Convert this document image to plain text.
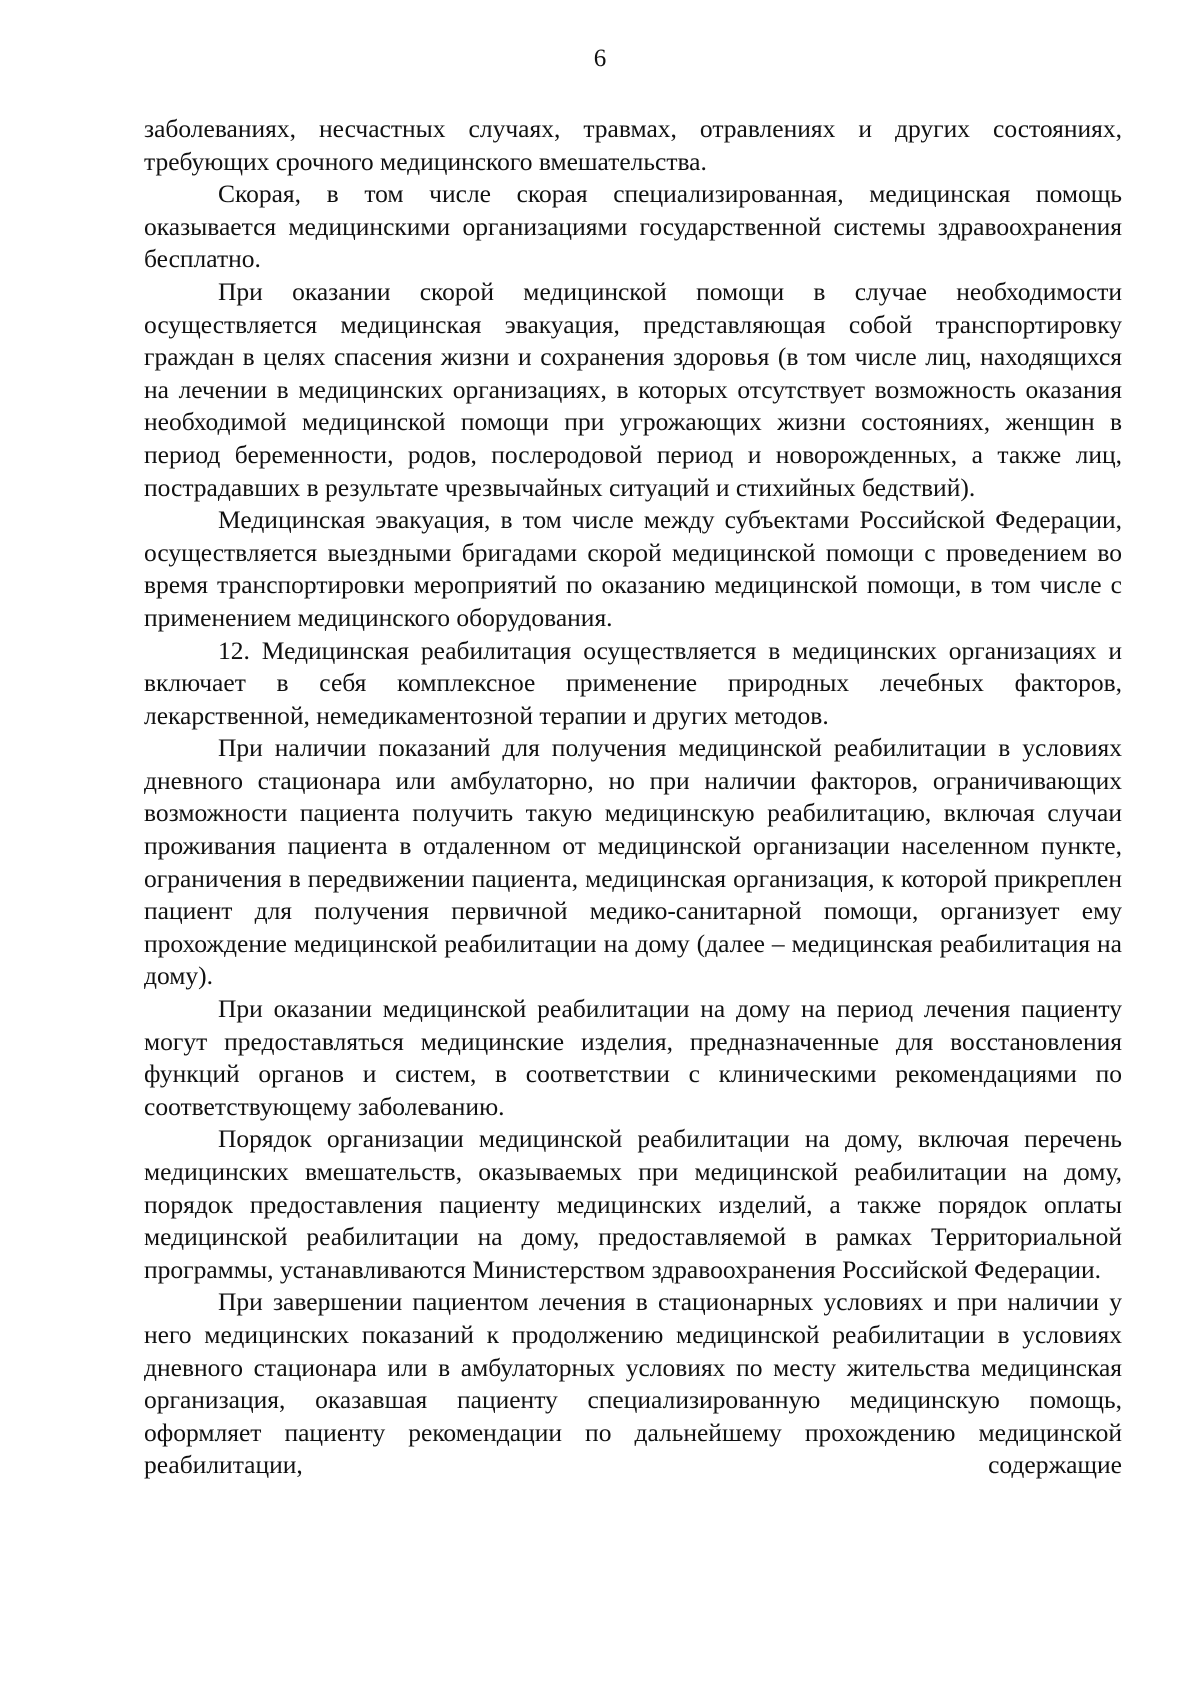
6

заболеваниях, несчастных случаях, травмах, отравлениях и других состояниях, требующих срочного медицинского вмешательства.

Скорая, в том числе скорая специализированная, медицинская помощь оказывается медицинскими организациями государственной системы здравоохранения бесплатно.

При оказании скорой медицинской помощи в случае необходимости осуществляется медицинская эвакуация, представляющая собой транспортировку граждан в целях спасения жизни и сохранения здоровья (в том числе лиц, находящихся на лечении в медицинских организациях, в которых отсутствует возможность оказания необходимой медицинской помощи при угрожающих жизни состояниях, женщин в период беременности, родов, послеродовой период и новорожденных, а также лиц, пострадавших в результате чрезвычайных ситуаций и стихийных бедствий).

Медицинская эвакуация, в том числе между субъектами Российской Федерации, осуществляется выездными бригадами скорой медицинской помощи с проведением во время транспортировки мероприятий по оказанию медицинской помощи, в том числе с применением медицинского оборудования.

12. Медицинская реабилитация осуществляется в медицинских организациях и включает в себя комплексное применение природных лечебных факторов, лекарственной, немедикаментозной терапии и других методов.

При наличии показаний для получения медицинской реабилитации в условиях дневного стационара или амбулаторно, но при наличии факторов, ограничивающих возможности пациента получить такую медицинскую реабилитацию, включая случаи проживания пациента в отдаленном от медицинской организации населенном пункте, ограничения в передвижении пациента, медицинская организация, к которой прикреплен пациент для получения первичной медико-санитарной помощи, организует ему прохождение медицинской реабилитации на дому (далее – медицинская реабилитация на дому).

При оказании медицинской реабилитации на дому на период лечения пациенту могут предоставляться медицинские изделия, предназначенные для восстановления функций органов и систем, в соответствии с клиническими рекомендациями по соответствующему заболеванию.

Порядок организации медицинской реабилитации на дому, включая перечень медицинских вмешательств, оказываемых при медицинской реабилитации на дому, порядок предоставления пациенту медицинских изделий, а также порядок оплаты медицинской реабилитации на дому, предоставляемой в рамках Территориальной программы, устанавливаются Министерством здравоохранения Российской Федерации.

При завершении пациентом лечения в стационарных условиях и при наличии у него медицинских показаний к продолжению медицинской реабилитации в условиях дневного стационара или в амбулаторных условиях по месту жительства медицинская организация, оказавшая пациенту специализированную медицинскую помощь, оформляет пациенту рекомендации по дальнейшему прохождению медицинской реабилитации, содержащие
